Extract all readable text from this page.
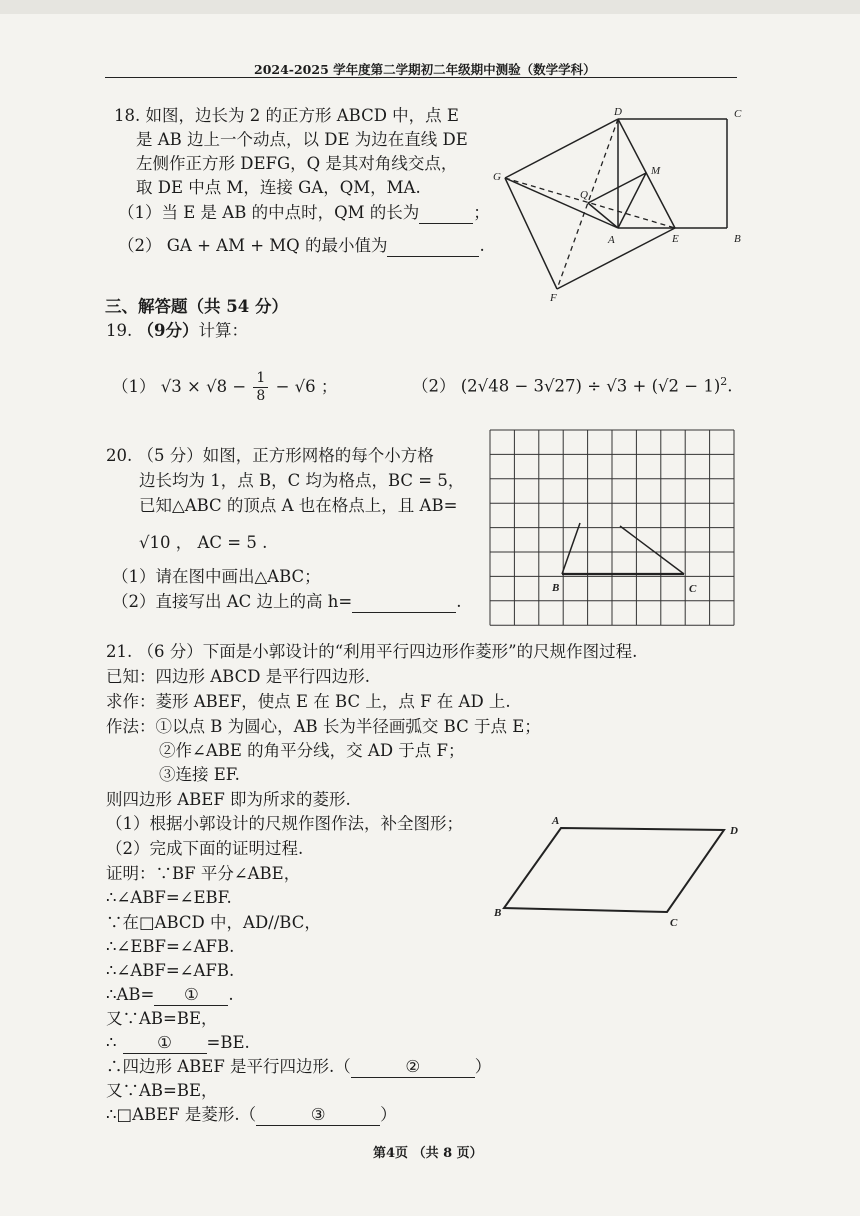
2024-2025 学年度第二学期初二年级期中测验（数学学科）
18. 如图，边长为 2 的正方形 ABCD 中，点 E
是 AB 边上一个动点，以 DE 为边在直线 DE
左侧作正方形 DEFG，Q 是其对角线交点，
取 DE 中点 M，连接 GA，QM，MA.
（1）当 E 是 AB 的中点时，QM 的长为	；
（2） GA + AM + MQ 的最小值为	.
D	C
G	M
Q
A	E	B
F
三、解答题（共 54 分）
19. （9分）计算：
（1） $√3 \times √8 - \frac{1}{8} - √6$ ；	（2） $(2√48 - 3√27) \div √3 + (√2 - 1)^2$.
20. （5 分）如图，正方形网格的每个小方格
边长均为 1，点 B，C 均为格点，BC = 5，
已知△ABC 的顶点 A 也在格点上，且 AB=
√10 ， AC = 5 .
（1）请在图中画出△ABC；
（2）直接写出 AC 边上的高 h=	.
B	C
21. （6 分）下面是小郭设计的“利用平行四边形作菱形”的尺规作图过程.
已知：四边形 ABCD 是平行四边形.
求作：菱形 ABEF，使点 E 在 BC 上，点 F 在 AD 上.
作法：①以点 B 为圆心，AB 长为半径画弧交 BC 于点 E；
②作∠ABE 的角平分线，交 AD 于点 F；
③连接 EF.
则四边形 ABEF 即为所求的菱形.
（1）根据小郭设计的尺规作图作法，补全图形；
（2）完成下面的证明过程.
证明：∵BF 平分∠ABE，
∴∠ABF=∠EBF.
∵在□ABCD 中，AD//BC，
∴∠EBF=∠AFB.
∴∠ABF=∠AFB.
∴AB= ① .
又∵AB=BE，
∴ ① =BE.
∴四边形 ABEF 是平行四边形.（	②	）
又∵AB=BE，
∴□ABEF 是菱形.（	③	）
A
D
B
C
第4页 （共 8 页）
